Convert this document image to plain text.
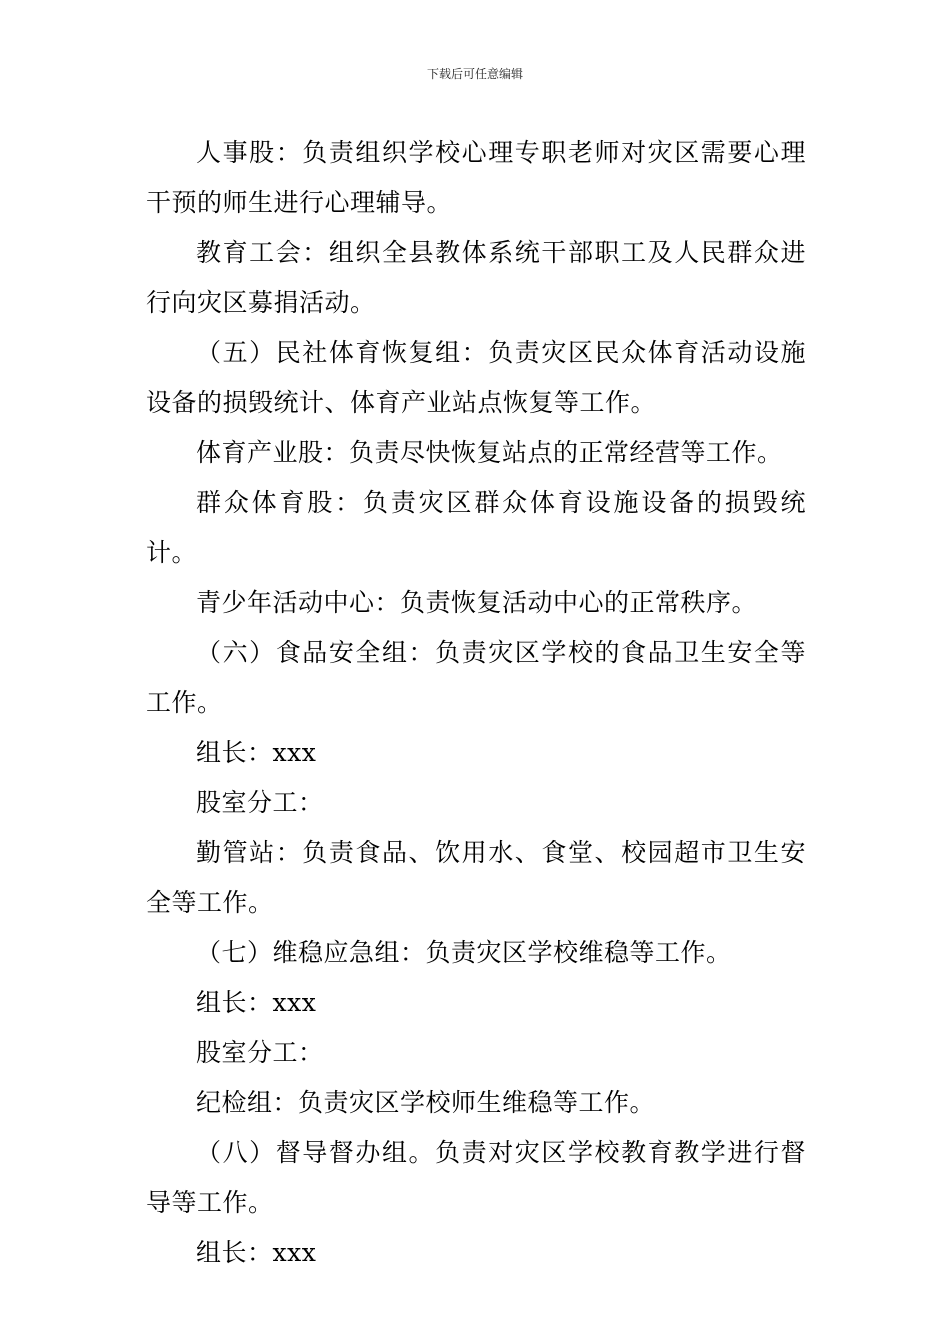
下载后可任意编辑

人事股：负责组织学校心理专职老师对灾区需要心理干预的师生进行心理辅导。

教育工会：组织全县教体系统干部职工及人民群众进行向灾区募捐活动。

（五）民社体育恢复组：负责灾区民众体育活动设施设备的损毁统计、体育产业站点恢复等工作。

体育产业股：负责尽快恢复站点的正常经营等工作。

群众体育股：负责灾区群众体育设施设备的损毁统计。

青少年活动中心：负责恢复活动中心的正常秩序。

（六）食品安全组：负责灾区学校的食品卫生安全等工作。

组长：xxx

股室分工：

勤管站：负责食品、饮用水、食堂、校园超市卫生安全等工作。

（七）维稳应急组：负责灾区学校维稳等工作。

组长：xxx

股室分工：

纪检组：负责灾区学校师生维稳等工作。

（八）督导督办组。负责对灾区学校教育教学进行督导等工作。

组长：xxx
